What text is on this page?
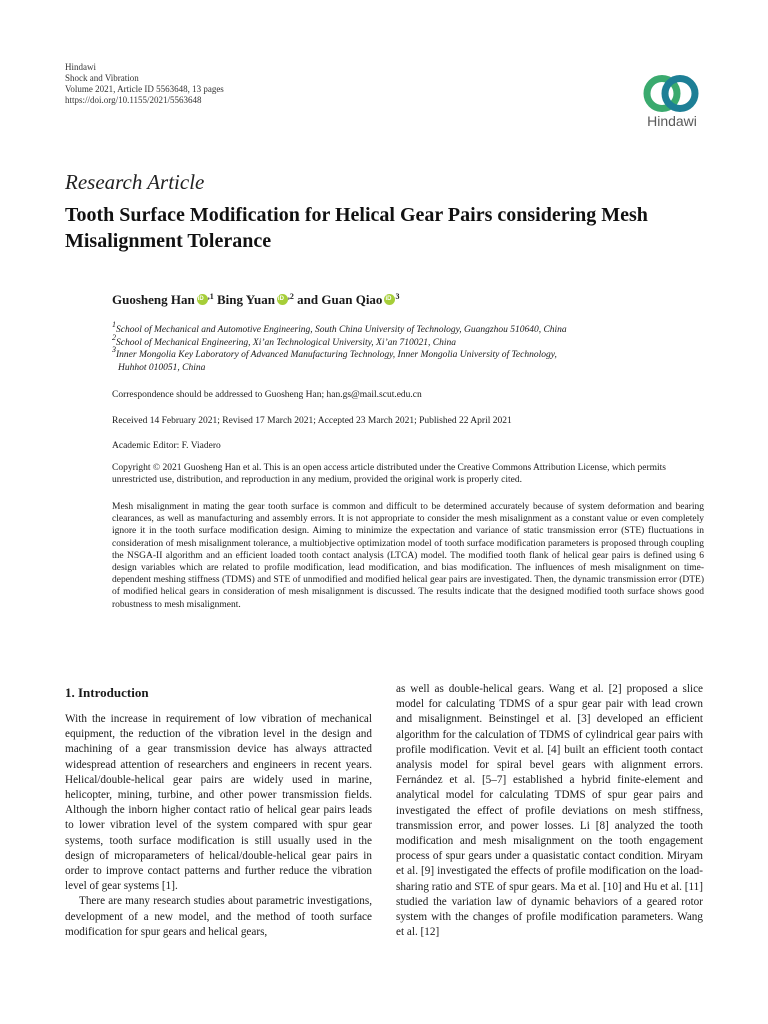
Hindawi
Shock and Vibration
Volume 2021, Article ID 5563648, 13 pages
https://doi.org/10.1155/2021/5563648
Hindawi
Research Article
Tooth Surface Modification for Helical Gear Pairs considering Mesh Misalignment Tolerance
Guosheng Han iD $^{,1}$ Bing Yuan iD $^{,2}$ and Guan Qiao iD $^3$
$^1$School of Mechanical and Automotive Engineering, South China University of Technology, Guangzhou 510640, China
$^2$School of Mechanical Engineering, Xi’an Technological University, Xi’an 710021, China
$^3$Inner Mongolia Key Laboratory of Advanced Manufacturing Technology, Inner Mongolia University of Technology,
Huhhot 010051, China
Correspondence should be addressed to Guosheng Han; han.gs@mail.scut.edu.cn
Received 14 February 2021; Revised 17 March 2021; Accepted 23 March 2021; Published 22 April 2021
Academic Editor: F. Viadero
Copyright © 2021 Guosheng Han et al. This is an open access article distributed under the Creative Commons Attribution License, which permits unrestricted use, distribution, and reproduction in any medium, provided the original work is properly cited.
Mesh misalignment in mating the gear tooth surface is common and difficult to be determined accurately because of system deformation and bearing clearances, as well as manufacturing and assembly errors. It is not appropriate to consider the mesh misalignment as a constant value or even completely ignore it in the tooth surface modification design. Aiming to minimize the expectation and variance of static transmission error (STE) fluctuations in consideration of mesh misalignment tolerance, a multiobjective optimization model of tooth surface modification parameters is proposed through coupling the NSGA-II algorithm and an efficient loaded tooth contact analysis (LTCA) model. The modified tooth flank of helical gear pairs is defined using 6 design variables which are related to profile modification, lead modification, and bias modification. The influences of mesh misalignment on time-dependent meshing stiffness (TDMS) and STE of unmodified and modified helical gear pairs are investigated. Then, the dynamic transmission error (DTE) of modified helical gears in consideration of mesh misalignment is discussed. The results indicate that the designed modified tooth surface shows good robustness to mesh misalignment.
1. Introduction

With the increase in requirement of low vibration of mechanical equipment, the reduction of the vibration level in the design and machining of a gear transmission device has always attracted widespread attention of researchers and engineers in recent years. Helical/double-helical gear pairs are widely used in marine, helicopter, mining, turbine, and other power transmission fields. Although the inborn higher contact ratio of helical gear pairs leads to lower vibration level of the system compared with spur gear systems, tooth surface modification is still usually used in the design of microparameters of helical/double-helical gear pairs in order to improve contact patterns and further reduce the vibration level of gear systems [1].

There are many research studies about parametric investigations, development of a new model, and the method of tooth surface modification for spur gears and helical gears,

as well as double-helical gears. Wang et al. [2] proposed a slice model for calculating TDMS of a spur gear pair with lead crown and misalignment. Beinstingel et al. [3] developed an efficient algorithm for the calculation of TDMS of cylindrical gear pairs with profile modification. Vevit et al. [4] built an efficient tooth contact analysis model for spiral bevel gears with alignment errors. Fernández et al. [5–7] established a hybrid finite-element and analytical model for calculating TDMS of spur gear pairs and investigated the effect of profile deviations on mesh stiffness, transmission error, and power losses. Li [8] analyzed the tooth modification and mesh misalignment on the tooth engagement process of spur gears under a quasistatic contact condition. Miryam et al. [9] investigated the effects of profile modification on the load-sharing ratio and STE of spur gears. Ma et al. [10] and Hu et al. [11] studied the variation law of dynamic behaviors of a geared rotor system with the changes of profile modification parameters. Wang et al. [12]
